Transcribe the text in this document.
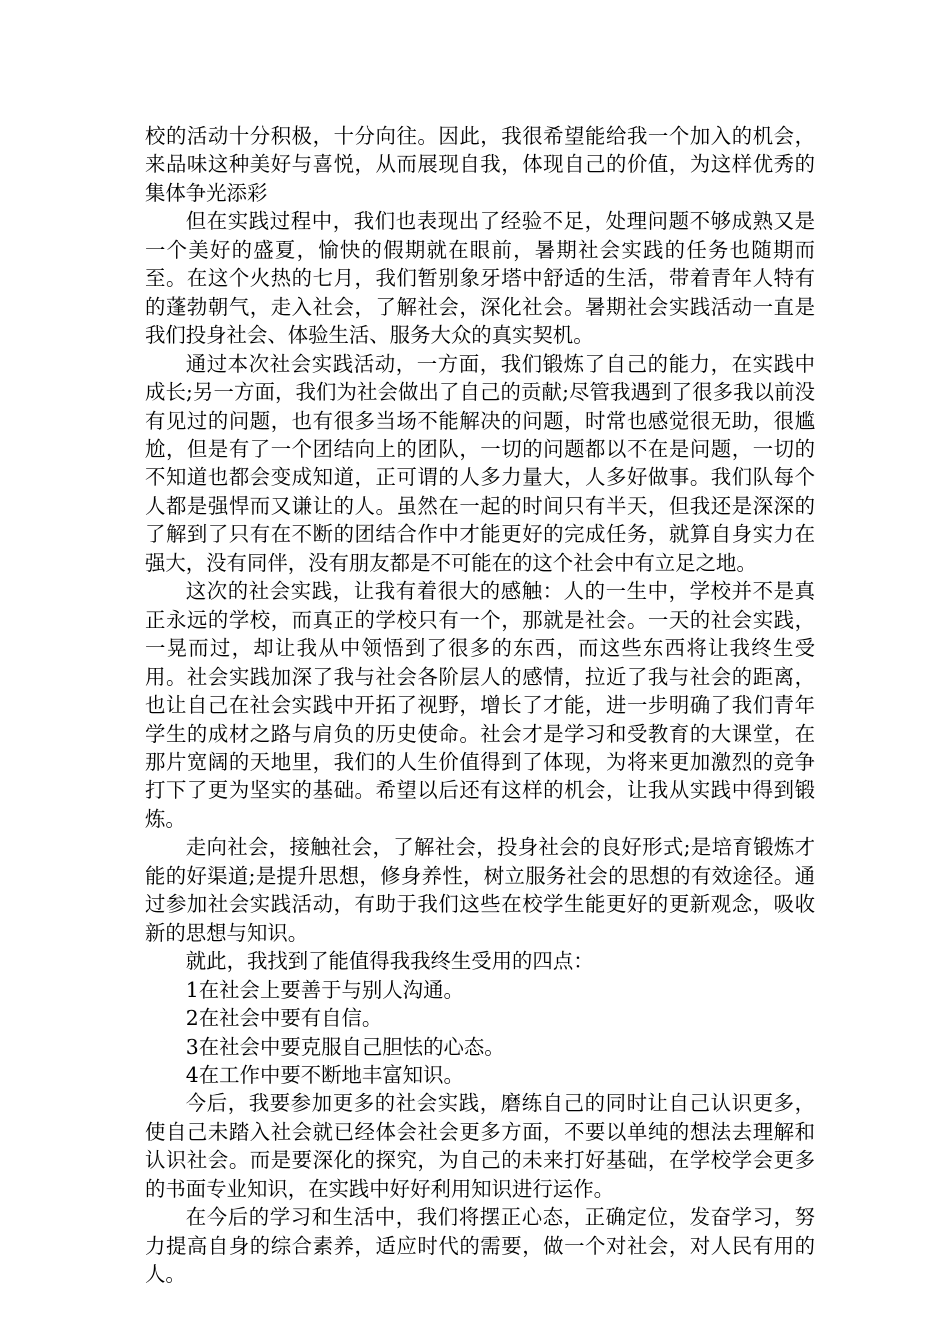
校的活动十分积极，十分向往。因此，我很希望能给我一个加入的机会，来品味这种美好与喜悦，从而展现自我，体现自己的价值，为这样优秀的集体争光添彩

但在实践过程中，我们也表现出了经验不足，处理问题不够成熟又是一个美好的盛夏，愉快的假期就在眼前，暑期社会实践的任务也随期而至。在这个火热的七月，我们暂别象牙塔中舒适的生活，带着青年人特有的蓬勃朝气，走入社会，了解社会，深化社会。暑期社会实践活动一直是我们投身社会、体验生活、服务大众的真实契机。

通过本次社会实践活动，一方面，我们锻炼了自己的能力，在实践中成长;另一方面，我们为社会做出了自己的贡献;尽管我遇到了很多我以前没有见过的问题，也有很多当场不能解决的问题，时常也感觉很无助，很尴尬，但是有了一个团结向上的团队，一切的问题都以不在是问题，一切的不知道也都会变成知道，正可谓的人多力量大，人多好做事。我们队每个人都是强悍而又谦让的人。虽然在一起的时间只有半天，但我还是深深的了解到了只有在不断的团结合作中才能更好的完成任务，就算自身实力在强大，没有同伴，没有朋友都是不可能在的这个社会中有立足之地。

这次的社会实践，让我有着很大的感触：人的一生中，学校并不是真正永远的学校，而真正的学校只有一个，那就是社会。一天的社会实践，一晃而过，却让我从中领悟到了很多的东西，而这些东西将让我终生受用。社会实践加深了我与社会各阶层人的感情，拉近了我与社会的距离，也让自己在社会实践中开拓了视野，增长了才能，进一步明确了我们青年学生的成材之路与肩负的历史使命。社会才是学习和受教育的大课堂，在那片宽阔的天地里，我们的人生价值得到了体现，为将来更加激烈的竞争打下了更为坚实的基础。希望以后还有这样的机会，让我从实践中得到锻炼。

走向社会，接触社会，了解社会，投身社会的良好形式;是培育锻炼才能的好渠道;是提升思想，修身养性，树立服务社会的思想的有效途径。通过参加社会实践活动，有助于我们这些在校学生能更好的更新观念，吸收新的思想与知识。

就此，我找到了能值得我我终生受用的四点：

1在社会上要善于与别人沟通。

2在社会中要有自信。

3在社会中要克服自己胆怯的心态。

4在工作中要不断地丰富知识。

今后，我要参加更多的社会实践，磨练自己的同时让自己认识更多，使自己未踏入社会就已经体会社会更多方面，不要以单纯的想法去理解和认识社会。而是要深化的探究，为自己的未来打好基础，在学校学会更多的书面专业知识，在实践中好好利用知识进行运作。

在今后的学习和生活中，我们将摆正心态，正确定位，发奋学习，努力提高自身的综合素养，适应时代的需要，做一个对社会，对人民有用的人。
